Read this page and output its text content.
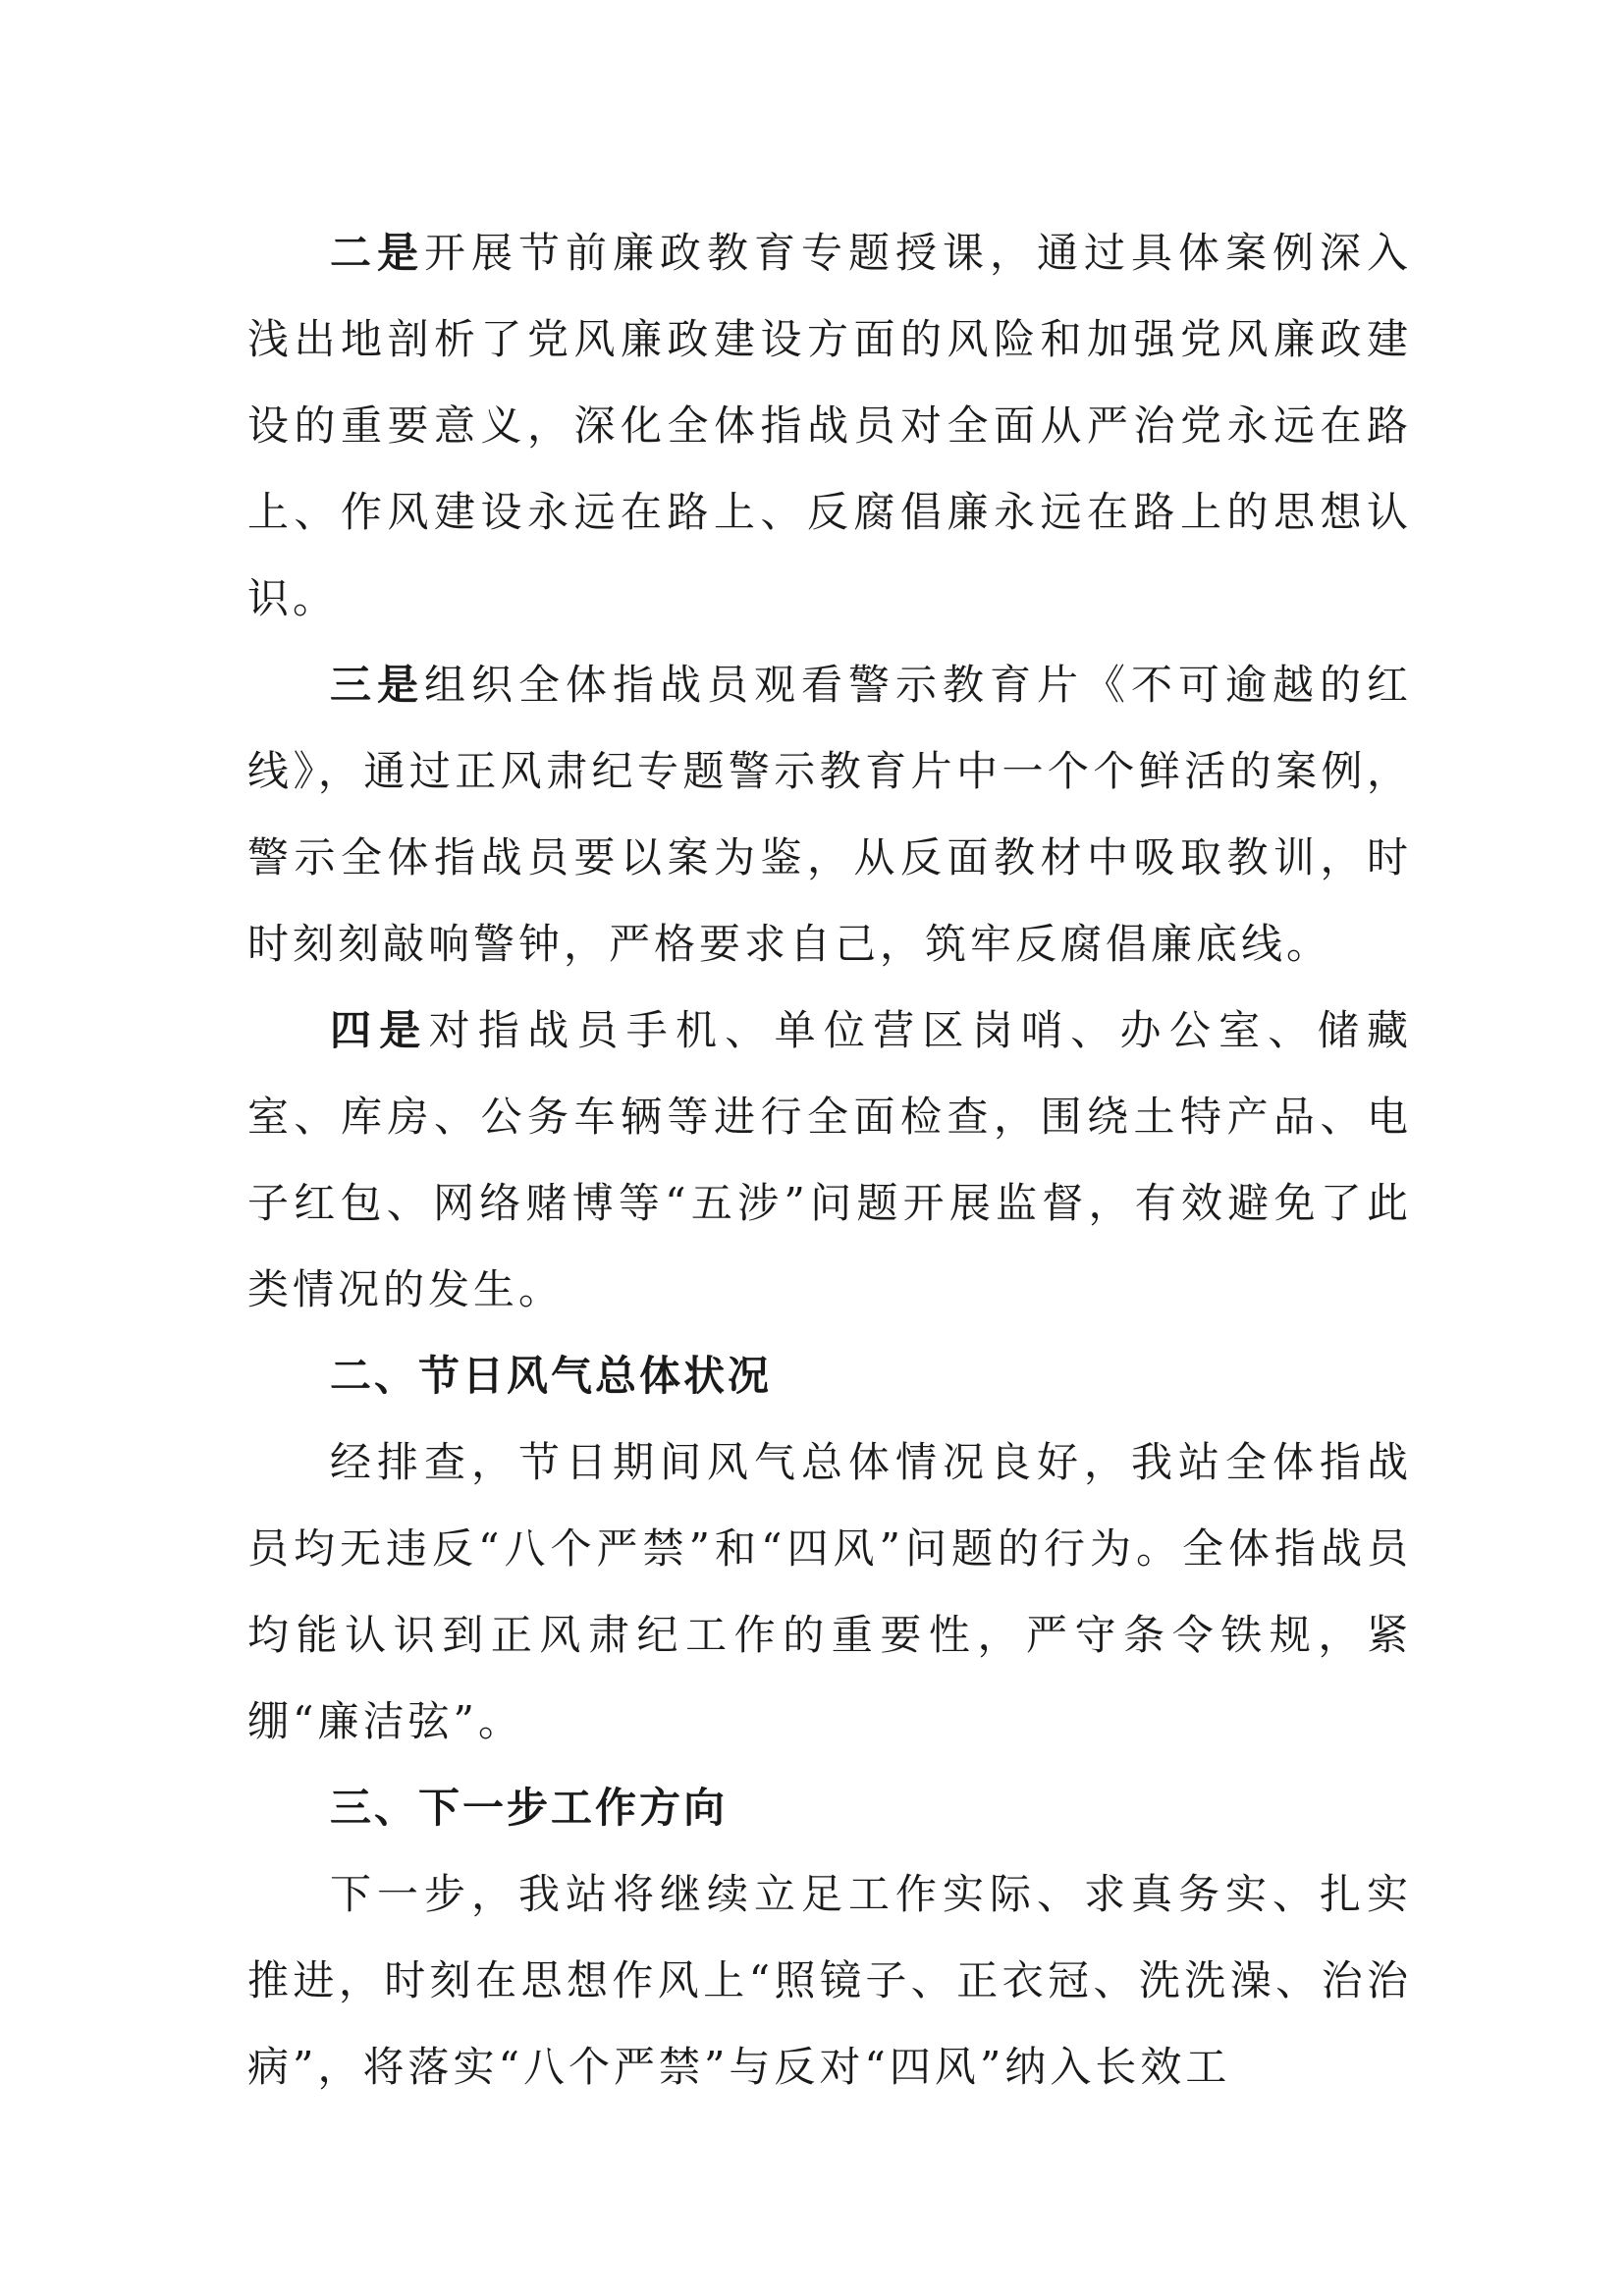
二是开展节前廉政教育专题授课，通过具体案例深入浅出地剖析了党风廉政建设方面的风险和加强党风廉政建设的重要意义，深化全体指战员对全面从严治党永远在路上、作风建设永远在路上、反腐倡廉永远在路上的思想认识。

三是组织全体指战员观看警示教育片《不可逾越的红线》，通过正风肃纪专题警示教育片中一个个鲜活的案例，警示全体指战员要以案为鉴，从反面教材中吸取教训，时时刻刻敲响警钟，严格要求自己，筑牢反腐倡廉底线。

四是对指战员手机、单位营区岗哨、办公室、储藏室、库房、公务车辆等进行全面检查，围绕土特产品、电子红包、网络赌博等“五涉”问题开展监督，有效避免了此类情况的发生。

二、节日风气总体状况

经排查，节日期间风气总体情况良好，我站全体指战员均无违反“八个严禁”和“四风”问题的行为。全体指战员均能认识到正风肃纪工作的重要性，严守条令铁规，紧绷“廉洁弦”。

三、下一步工作方向

下一步，我站将继续立足工作实际、求真务实、扎实推进，时刻在思想作风上“照镜子、正衣冠、洗洗澡、治治病”，将落实“八个严禁”与反对“四风”纳入长效工
